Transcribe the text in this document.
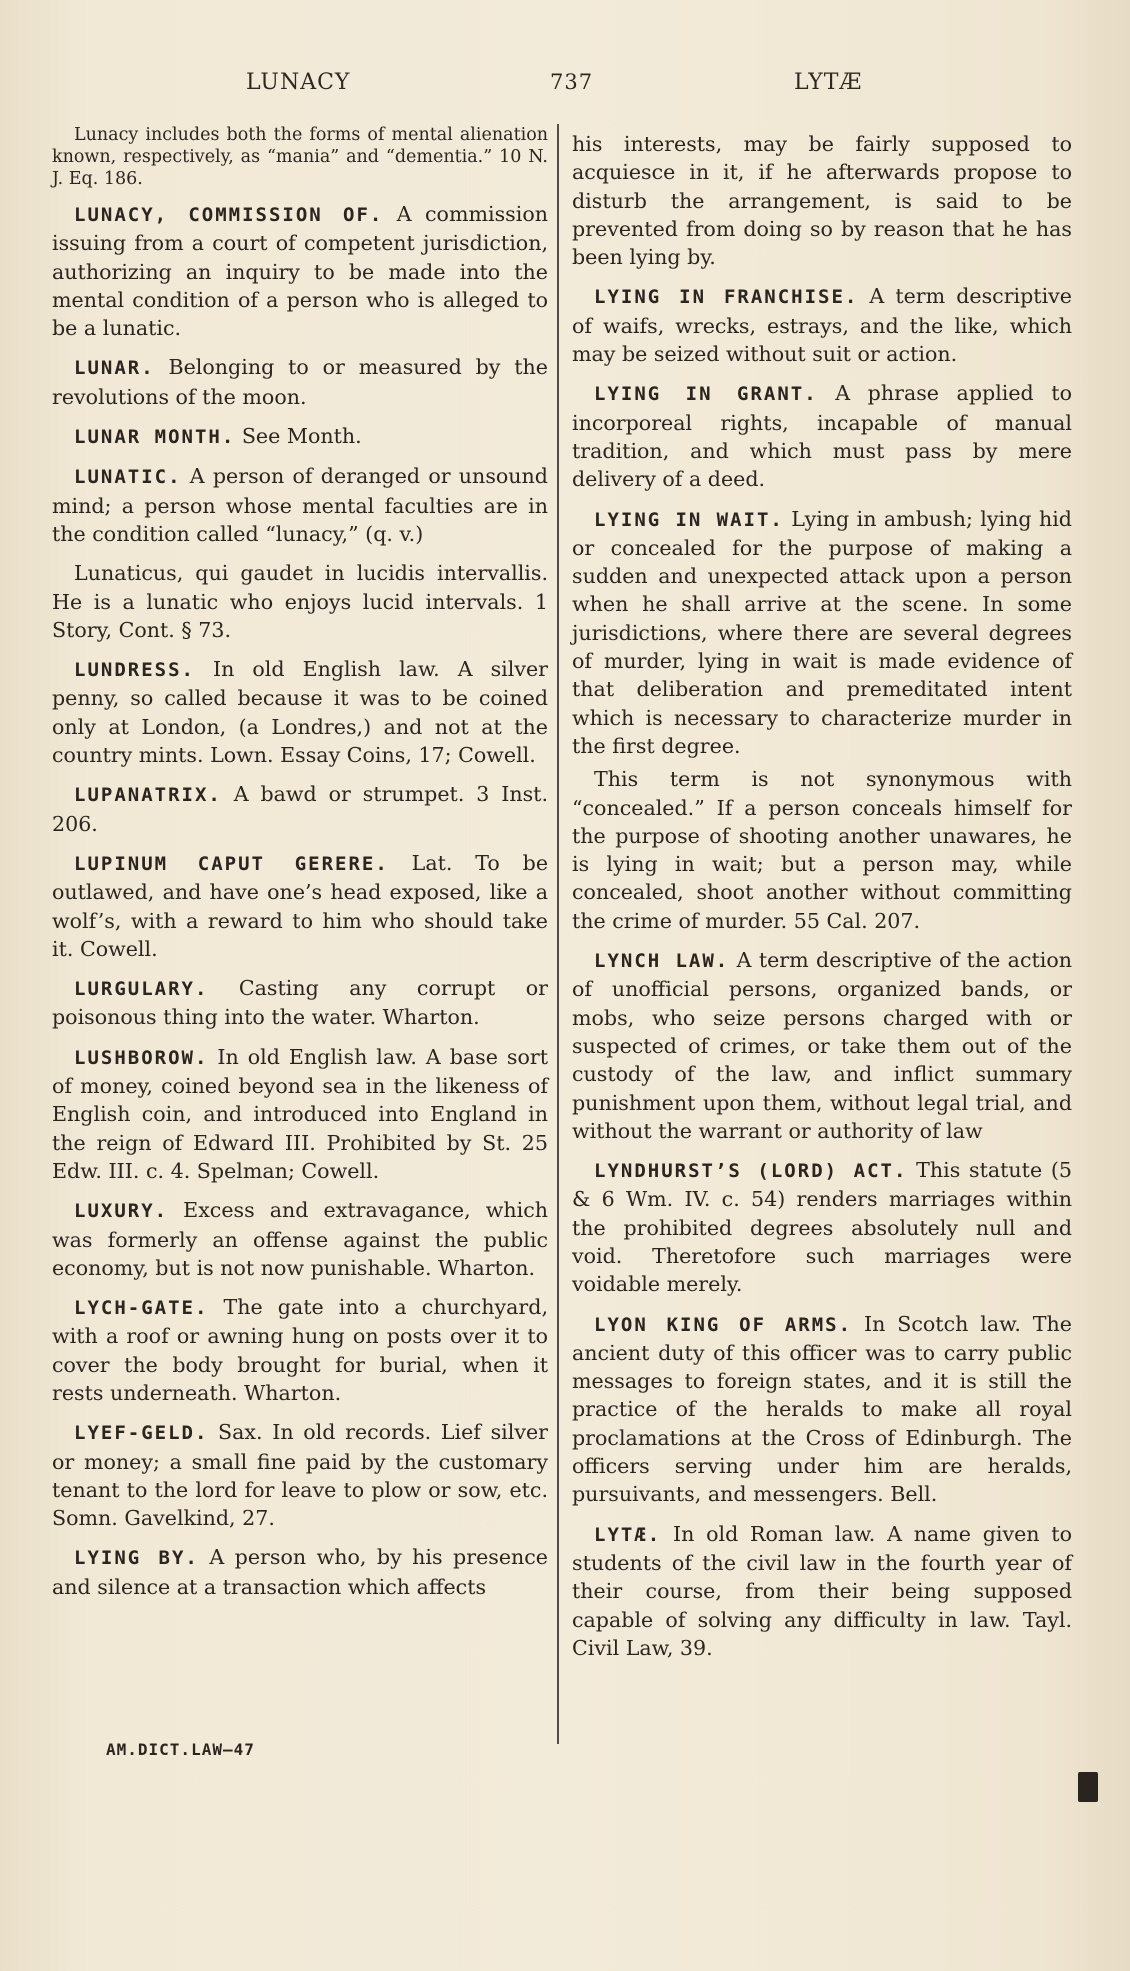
LUNACY	737	LYTÆ

Lunacy includes both the forms of mental alienation known, respectively, as “mania” and “dementia.” 10 N. J. Eq. 186.

LUNACY, COMMISSION OF. A commission issuing from a court of competent jurisdiction, authorizing an inquiry to be made into the mental condition of a person who is alleged to be a lunatic.

LUNAR. Belonging to or measured by the revolutions of the moon.

LUNAR MONTH. See Month.

LUNATIC. A person of deranged or unsound mind; a person whose mental faculties are in the condition called “lunacy,” (q. v.)

Lunaticus, qui gaudet in lucidis intervallis. He is a lunatic who enjoys lucid intervals. 1 Story, Cont. § 73.

LUNDRESS. In old English law. A silver penny, so called because it was to be coined only at London, (a Londres,) and not at the country mints. Lown. Essay Coins, 17; Cowell.

LUPANATRIX. A bawd or strumpet. 3 Inst. 206.

LUPINUM CAPUT GERERE. Lat. To be outlawed, and have one’s head exposed, like a wolf’s, with a reward to him who should take it. Cowell.

LURGULARY. Casting any corrupt or poisonous thing into the water. Wharton.

LUSHBOROW. In old English law. A base sort of money, coined beyond sea in the likeness of English coin, and introduced into England in the reign of Edward III. Prohibited by St. 25 Edw. III. c. 4. Spelman; Cowell.

LUXURY. Excess and extravagance, which was formerly an offense against the public economy, but is not now punishable. Wharton.

LYCH-GATE. The gate into a churchyard, with a roof or awning hung on posts over it to cover the body brought for burial, when it rests underneath. Wharton.

LYEF-GELD. Sax. In old records. Lief silver or money; a small fine paid by the customary tenant to the lord for leave to plow or sow, etc. Somn. Gavelkind, 27.

LYING BY. A person who, by his presence and silence at a transaction which affects

his interests, may be fairly supposed to acquiesce in it, if he afterwards propose to disturb the arrangement, is said to be prevented from doing so by reason that he has been lying by.

LYING IN FRANCHISE. A term descriptive of waifs, wrecks, estrays, and the like, which may be seized without suit or action.

LYING IN GRANT. A phrase applied to incorporeal rights, incapable of manual tradition, and which must pass by mere delivery of a deed.

LYING IN WAIT. Lying in ambush; lying hid or concealed for the purpose of making a sudden and unexpected attack upon a person when he shall arrive at the scene. In some jurisdictions, where there are several degrees of murder, lying in wait is made evidence of that deliberation and premeditated intent which is necessary to characterize murder in the first degree.

This term is not synonymous with “concealed.” If a person conceals himself for the purpose of shooting another unawares, he is lying in wait; but a person may, while concealed, shoot another without committing the crime of murder. 55 Cal. 207.

LYNCH LAW. A term descriptive of the action of unofficial persons, organized bands, or mobs, who seize persons charged with or suspected of crimes, or take them out of the custody of the law, and inflict summary punishment upon them, without legal trial, and without the warrant or authority of law

LYNDHURST’S (LORD) ACT. This statute (5 & 6 Wm. IV. c. 54) renders marriages within the prohibited degrees absolutely null and void. Theretofore such marriages were voidable merely.

LYON KING OF ARMS. In Scotch law. The ancient duty of this officer was to carry public messages to foreign states, and it is still the practice of the heralds to make all royal proclamations at the Cross of Edinburgh. The officers serving under him are heralds, pursuivants, and messengers. Bell.

LYTÆ. In old Roman law. A name given to students of the civil law in the fourth year of their course, from their being supposed capable of solving any difficulty in law. Tayl. Civil Law, 39.

AM.DICT.LAW—47
